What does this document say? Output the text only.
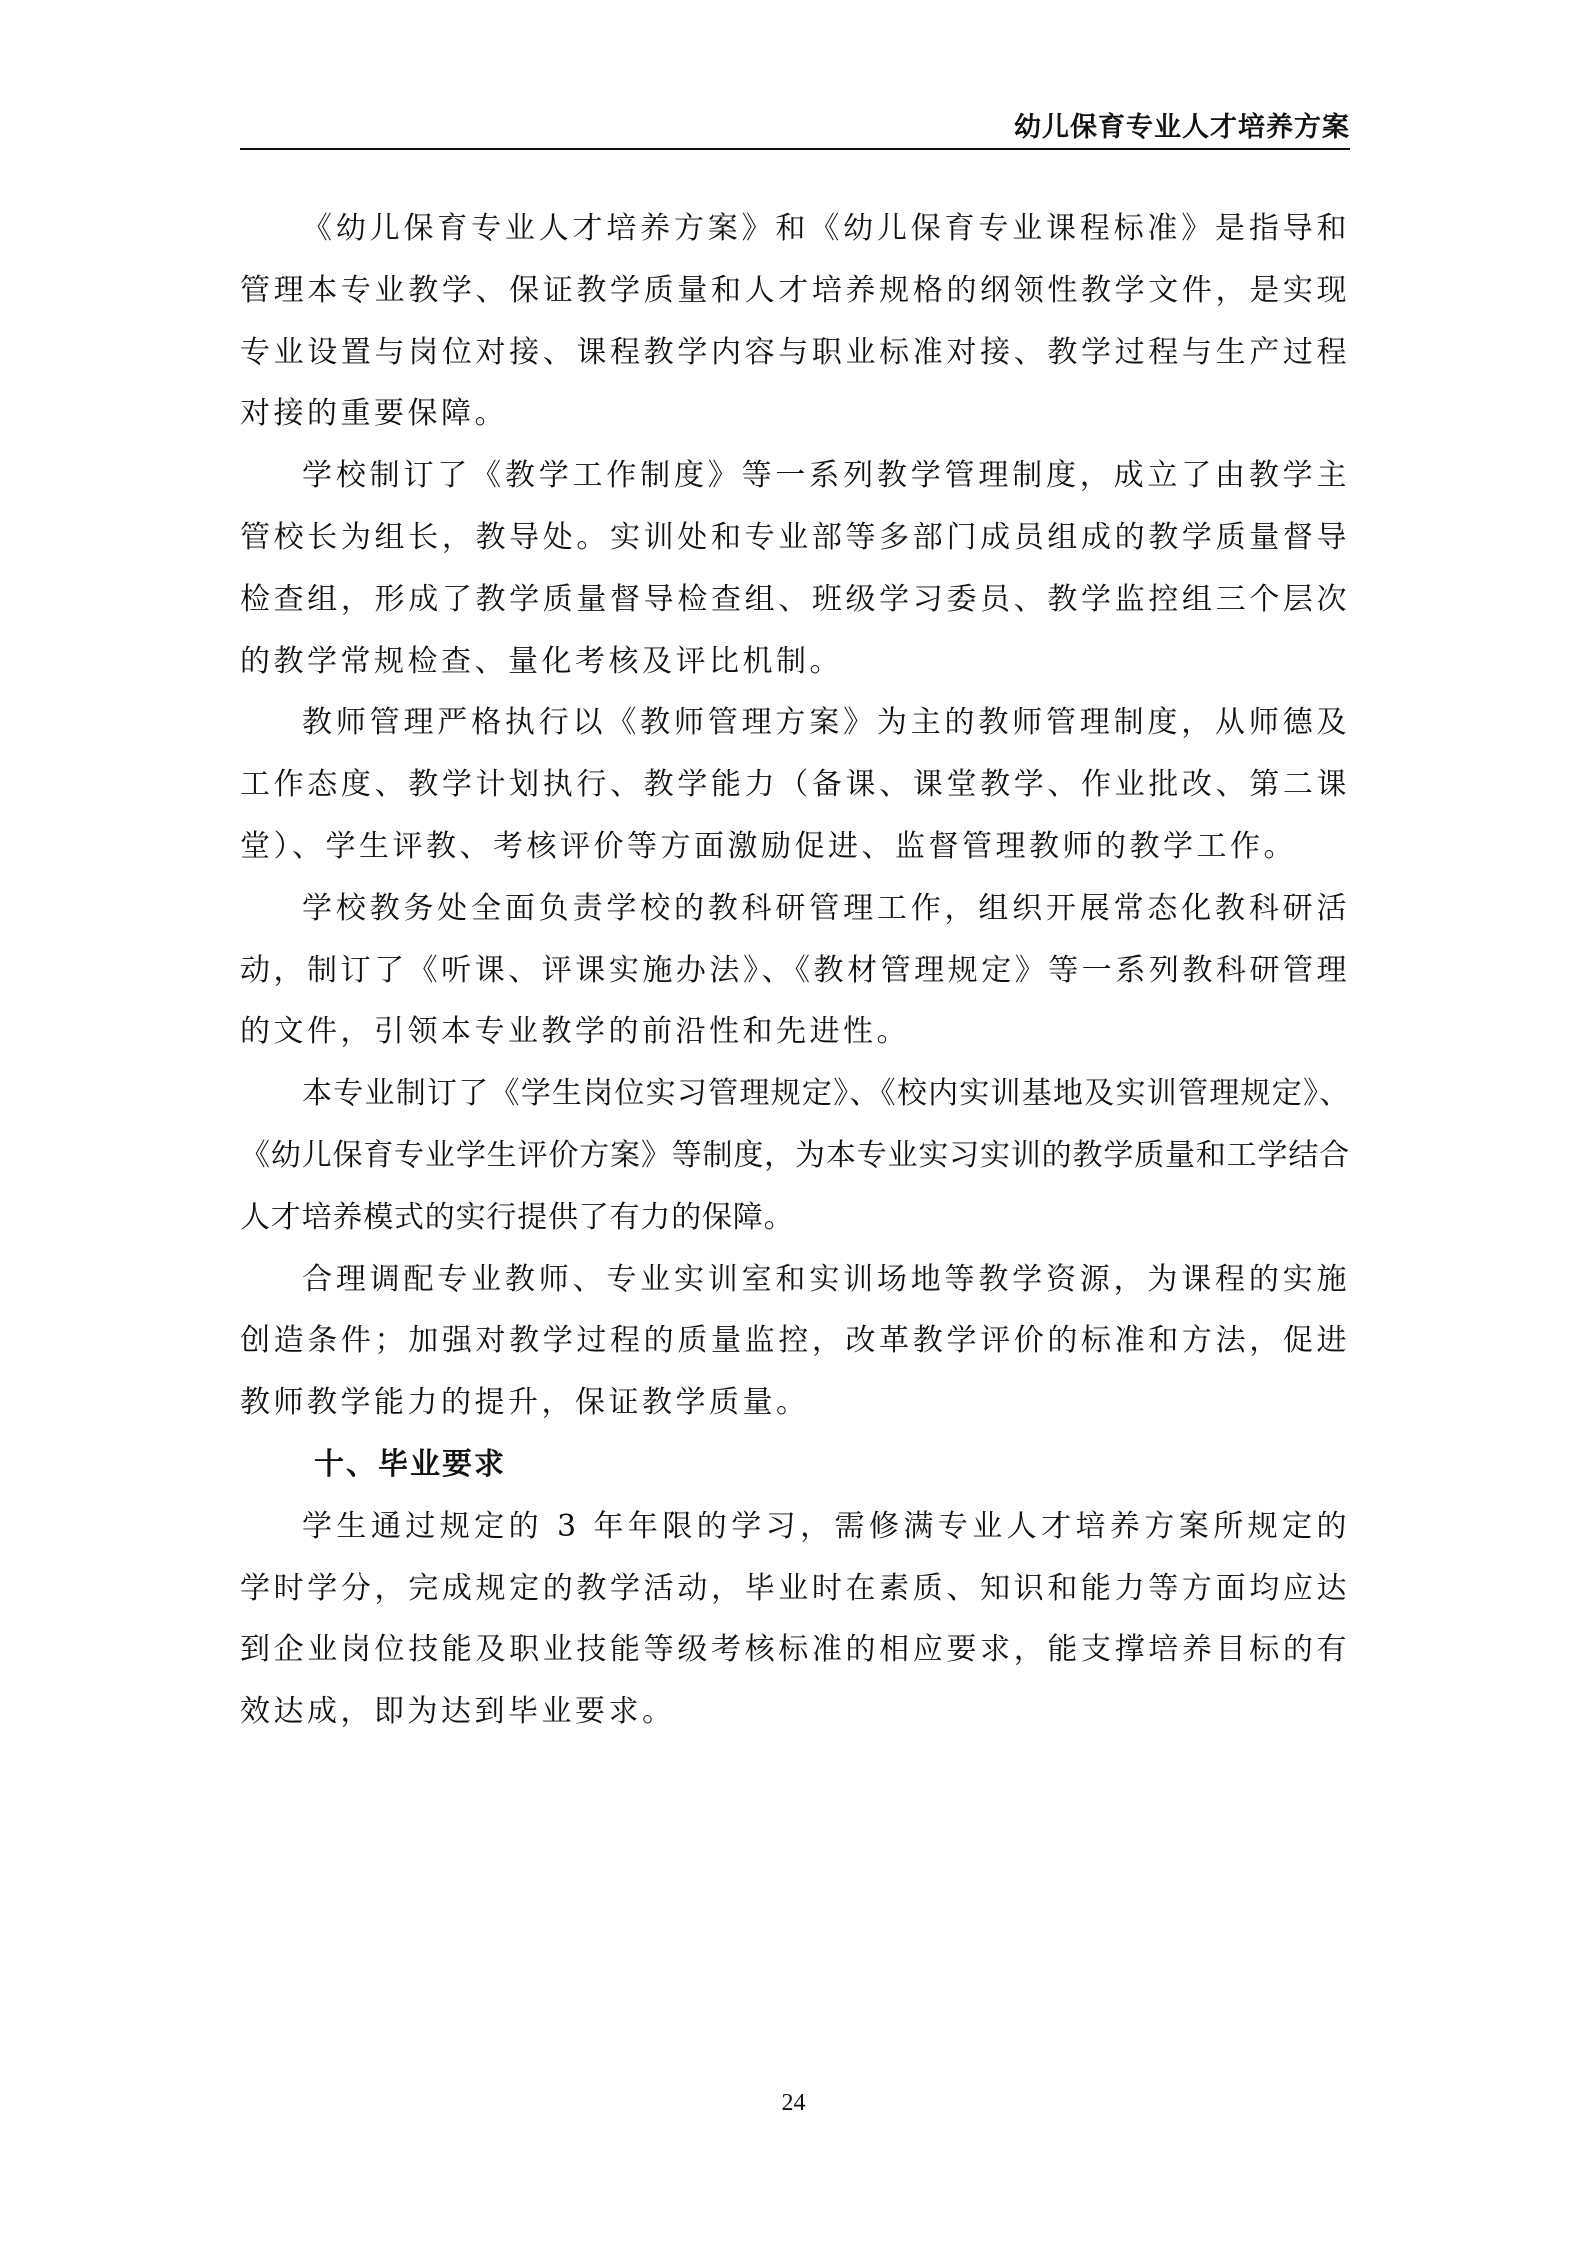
幼儿保育专业人才培养方案

《幼儿保育专业人才培养方案》和《幼儿保育专业课程标准》是指导和管理本专业教学、保证教学质量和人才培养规格的纲领性教学文件，是实现专业设置与岗位对接、课程教学内容与职业标准对接、教学过程与生产过程对接的重要保障。

学校制订了《教学工作制度》等一系列教学管理制度，成立了由教学主管校长为组长，教导处。实训处和专业部等多部门成员组成的教学质量督导检查组，形成了教学质量督导检查组、班级学习委员、教学监控组三个层次的教学常规检查、量化考核及评比机制。

教师管理严格执行以《教师管理方案》为主的教师管理制度，从师德及工作态度、教学计划执行、教学能力（备课、课堂教学、作业批改、第二课堂）、学生评教、考核评价等方面激励促进、监督管理教师的教学工作。

学校教务处全面负责学校的教科研管理工作，组织开展常态化教科研活动，制订了《听课、评课实施办法》、《教材管理规定》等一系列教科研管理的文件，引领本专业教学的前沿性和先进性。

本专业制订了《学生岗位实习管理规定》、《校内实训基地及实训管理规定》、《幼儿保育专业学生评价方案》等制度，为本专业实习实训的教学质量和工学结合人才培养模式的实行提供了有力的保障。

合理调配专业教师、专业实训室和实训场地等教学资源，为课程的实施创造条件；加强对教学过程的质量监控，改革教学评价的标准和方法，促进教师教学能力的提升，保证教学质量。

十、毕业要求

学生通过规定的 3 年年限的学习，需修满专业人才培养方案所规定的学时学分，完成规定的教学活动，毕业时在素质、知识和能力等方面均应达到企业岗位技能及职业技能等级考核标准的相应要求，能支撑培养目标的有效达成，即为达到毕业要求。

24
